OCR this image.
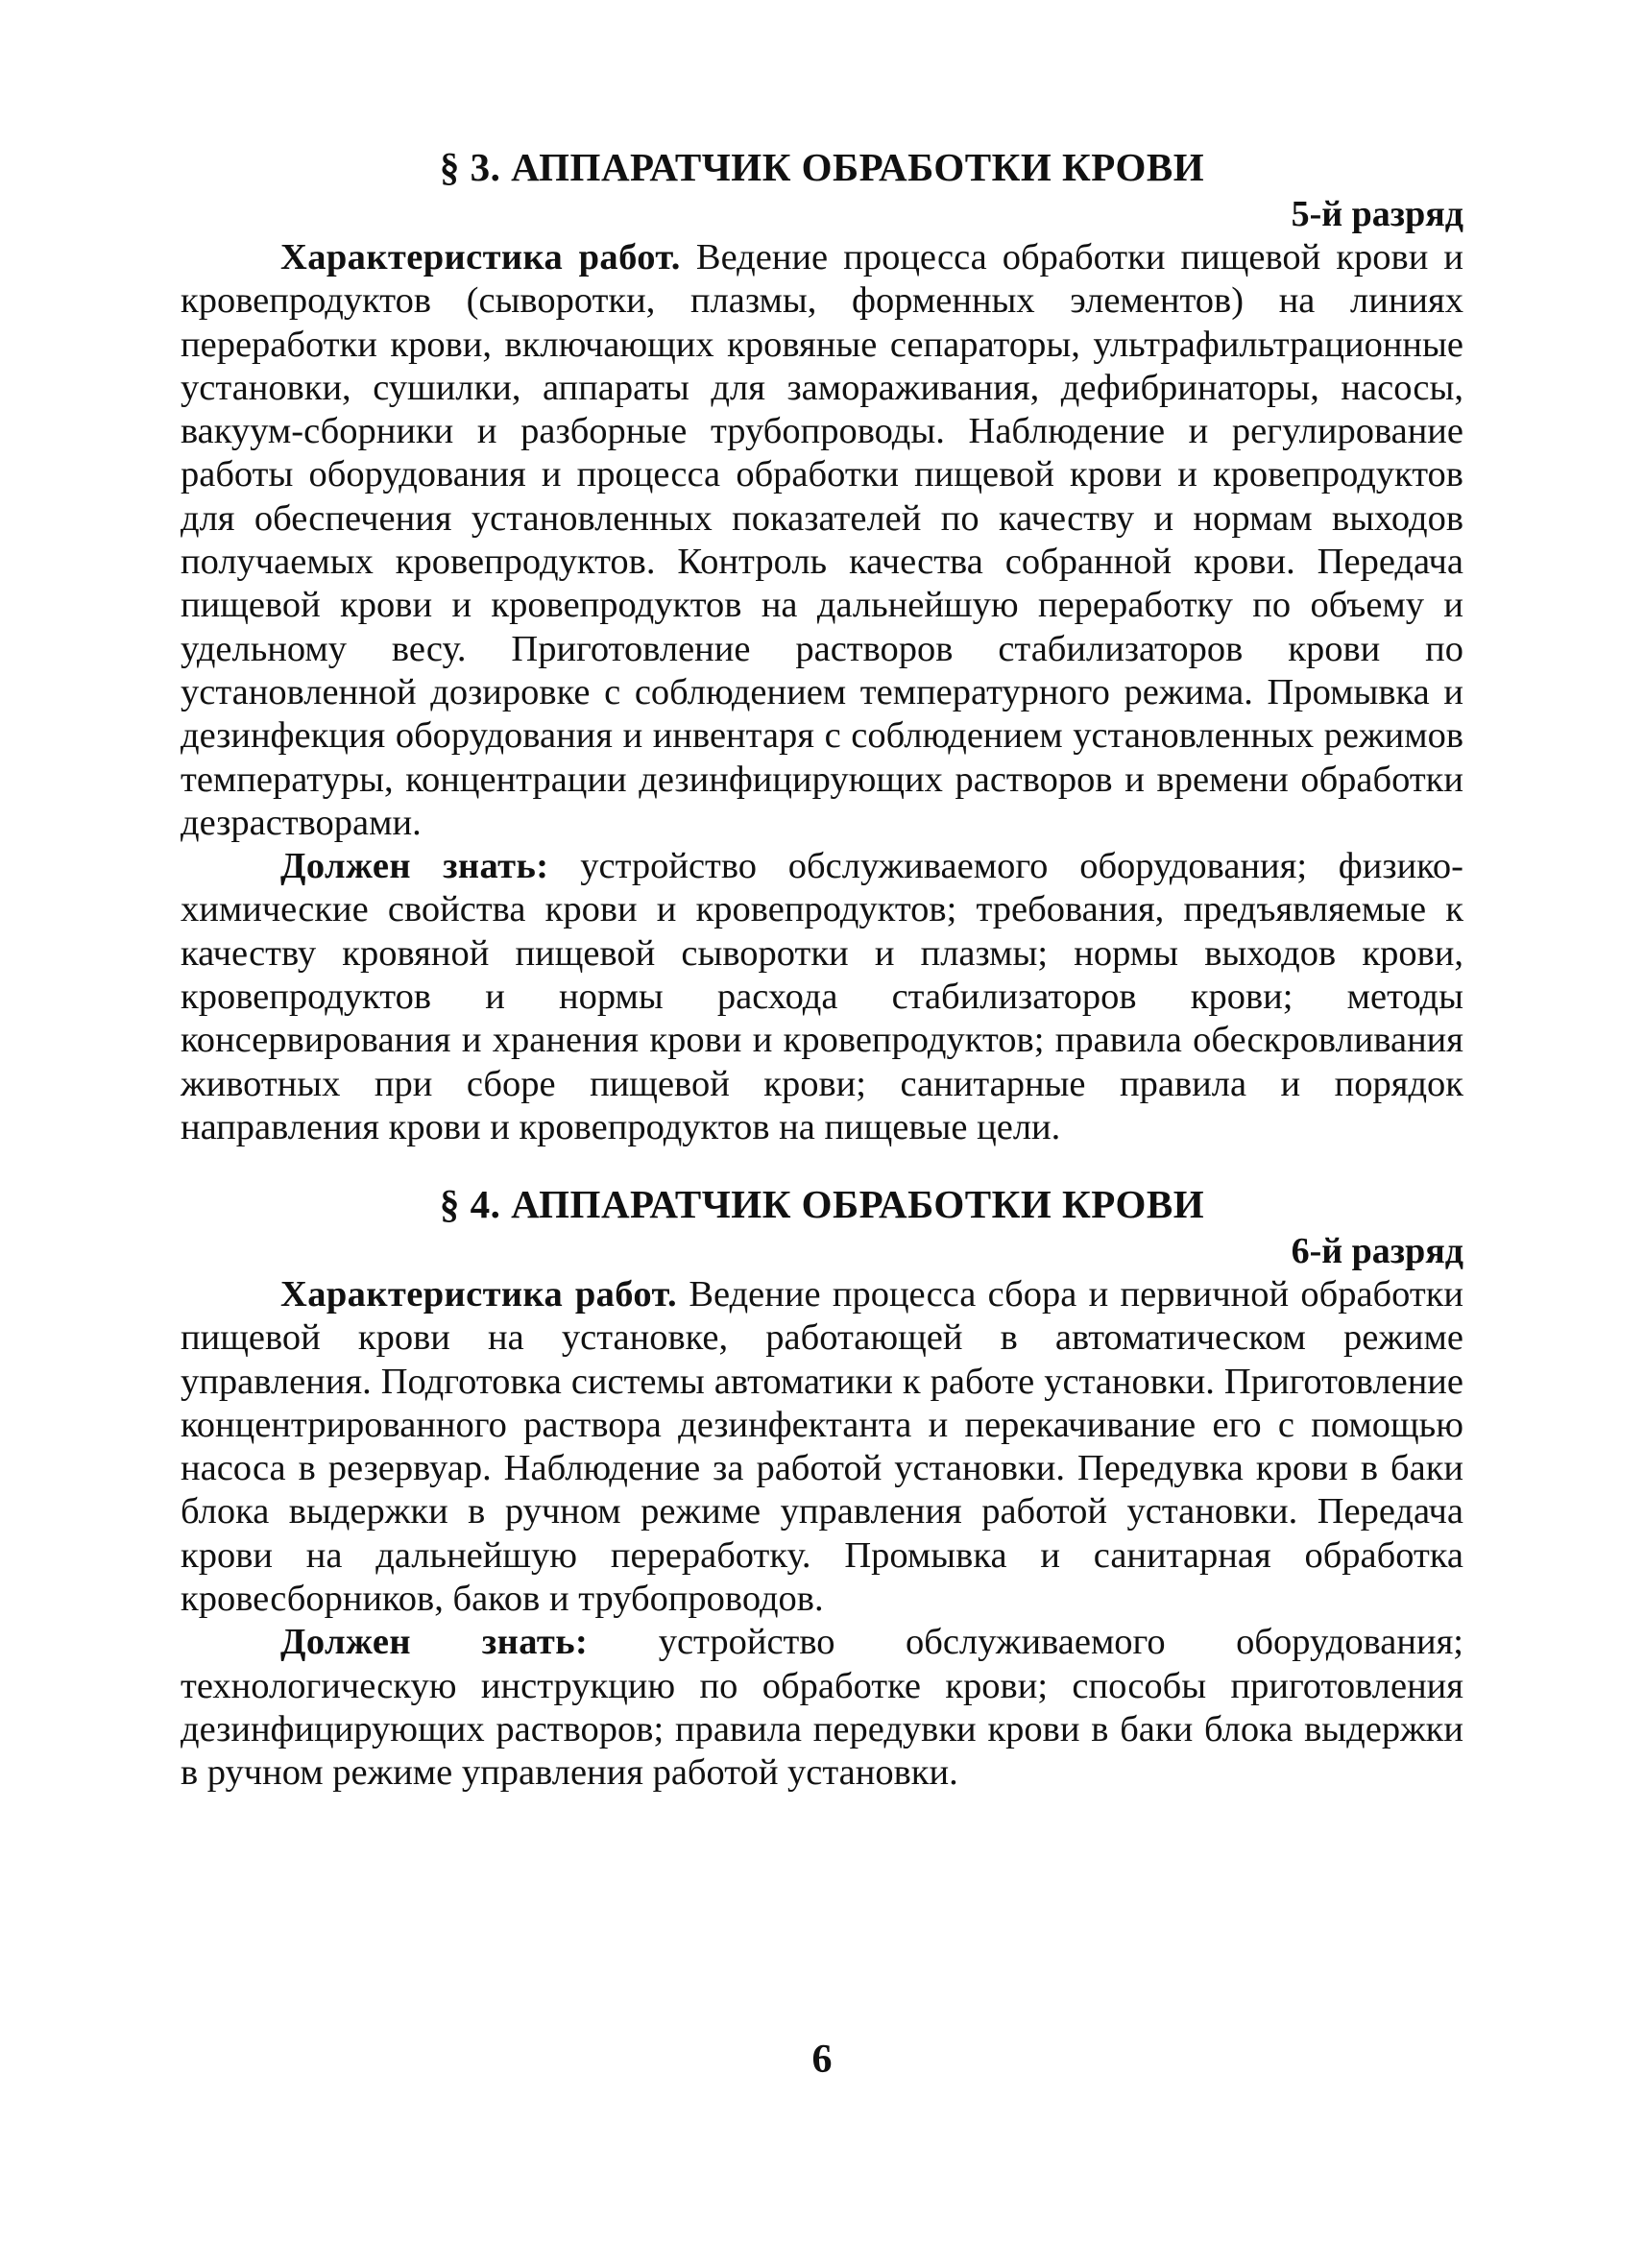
§ 3. АППАРАТЧИК ОБРАБОТКИ КРОВИ
5-й разряд

Характеристика работ. Ведение процесса обработки пищевой крови и кровепродуктов (сыворотки, плазмы, форменных элементов) на линиях переработки крови, включающих кровяные сепараторы, ультрафильтрационные установки, сушилки, аппараты для замораживания, дефибринаторы, насосы, вакуум-сборники и разборные трубопроводы. Наблюдение и регулирование работы оборудования и процесса обработки пищевой крови и кровепродуктов для обеспечения установленных показателей по качеству и нормам выходов получаемых кровепродуктов. Контроль качества собранной крови. Передача пищевой крови и кровепродуктов на дальнейшую переработку по объему и удельному весу. Приготовление растворов стабилизаторов крови по установленной дозировке с соблюдением температурного режима. Промывка и дезинфекция оборудования и инвентаря с соблюдением установленных режимов температуры, концентрации дезинфицирующих растворов и времени обработки дезрастворами.

Должен знать: устройство обслуживаемого оборудования; физико-химические свойства крови и кровепродуктов; требования, предъявляемые к качеству кровяной пищевой сыворотки и плазмы; нормы выходов крови, кровепродуктов и нормы расхода стабилизаторов крови; методы консервирования и хранения крови и кровепродуктов; правила обескровливания животных при сборе пищевой крови; санитарные правила и порядок направления крови и кровепродуктов на пищевые цели.

§ 4. АППАРАТЧИК ОБРАБОТКИ КРОВИ
6-й разряд

Характеристика работ. Ведение процесса сбора и первичной обработки пищевой крови на установке, работающей в автоматическом режиме управления. Подготовка системы автоматики к работе установки. Приготовление концентрированного раствора дезинфектанта и перекачивание его с помощью насоса в резервуар. Наблюдение за работой установки. Передувка крови в баки блока выдержки в ручном режиме управления работой установки. Передача крови на дальнейшую переработку. Промывка и санитарная обработка кровесборников, баков и трубопроводов.

Должен знать: устройство обслуживаемого оборудования; технологическую инструкцию по обработке крови; способы приготовления дезинфицирующих растворов; правила передувки крови в баки блока выдержки в ручном режиме управления работой установки.

6
